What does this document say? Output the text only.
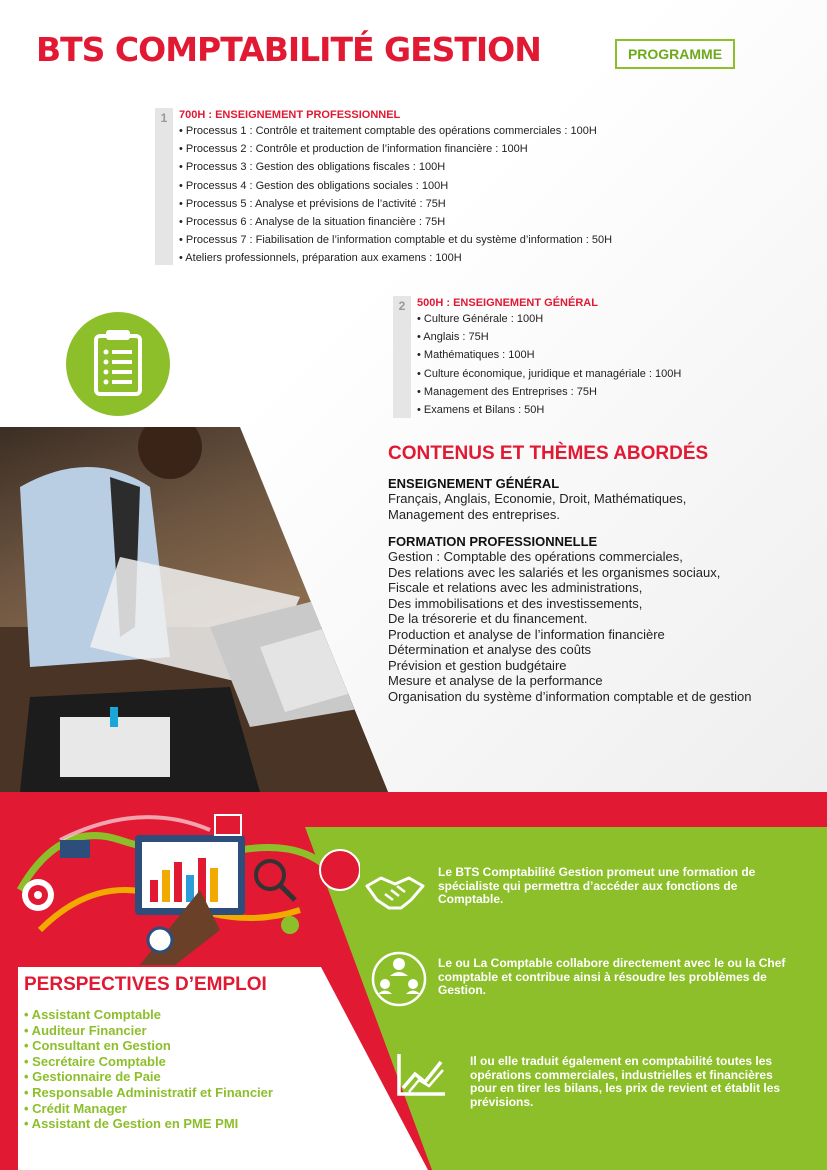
BTS COMPTABILITÉ GESTION	PROGRAMME
1	700H : ENSEIGNEMENT PROFESSIONNEL
• Processus 1 : Contrôle et traitement comptable des opérations commerciales : 100H
• Processus 2 : Contrôle et production de l’information financière : 100H
• Processus 3 : Gestion des obligations fiscales : 100H
• Processus 4 : Gestion des obligations sociales : 100H
• Processus 5 : Analyse et prévisions de l’activité : 75H
• Processus 6 : Analyse de la situation financière : 75H
• Processus 7 : Fiabilisation de l’information comptable et du système d’information : 50H
• Ateliers professionnels, préparation aux examens : 100H
2	500H : ENSEIGNEMENT GÉNÉRAL
• Culture Générale : 100H
• Anglais : 75H
• Mathématiques : 100H
• Culture économique, juridique et managériale : 100H
• Management des Entreprises : 75H
• Examens et Bilans : 50H
CONTENUS ET THÈMES ABORDÉS
ENSEIGNEMENT GÉNÉRAL
Français, Anglais, Economie, Droit, Mathématiques,
Management des entreprises.
FORMATION PROFESSIONNELLE
Gestion : Comptable des opérations commerciales,
Des relations avec les salariés et les organismes sociaux,
Fiscale et relations avec les administrations,
Des immobilisations et des investissements,
De la trésorerie et du financement.
Production et analyse de l’information financière
Détermination et analyse des coûts
Prévision et gestion budgétaire
Mesure et analyse de la performance
Organisation du système d’information comptable et de gestion
PERSPECTIVES D’EMPLOI
• Assistant Comptable
• Auditeur Financier
• Consultant en Gestion
• Secrétaire Comptable
• Gestionnaire de Paie
• Responsable Administratif et Financier
• Crédit Manager
• Assistant de Gestion en PME PMI
Le BTS Comptabilité Gestion promeut une formation de spécialiste qui permettra d’accéder aux fonctions de Comptable.
Le ou La Comptable collabore directement avec le ou la Chef comptable et contribue ainsi à résoudre les problèmes de Gestion.
Il ou elle traduit également en comptabilité toutes les opérations commerciales, industrielles et financières pour en tirer les bilans, les prix de revient et établit les prévisions.
